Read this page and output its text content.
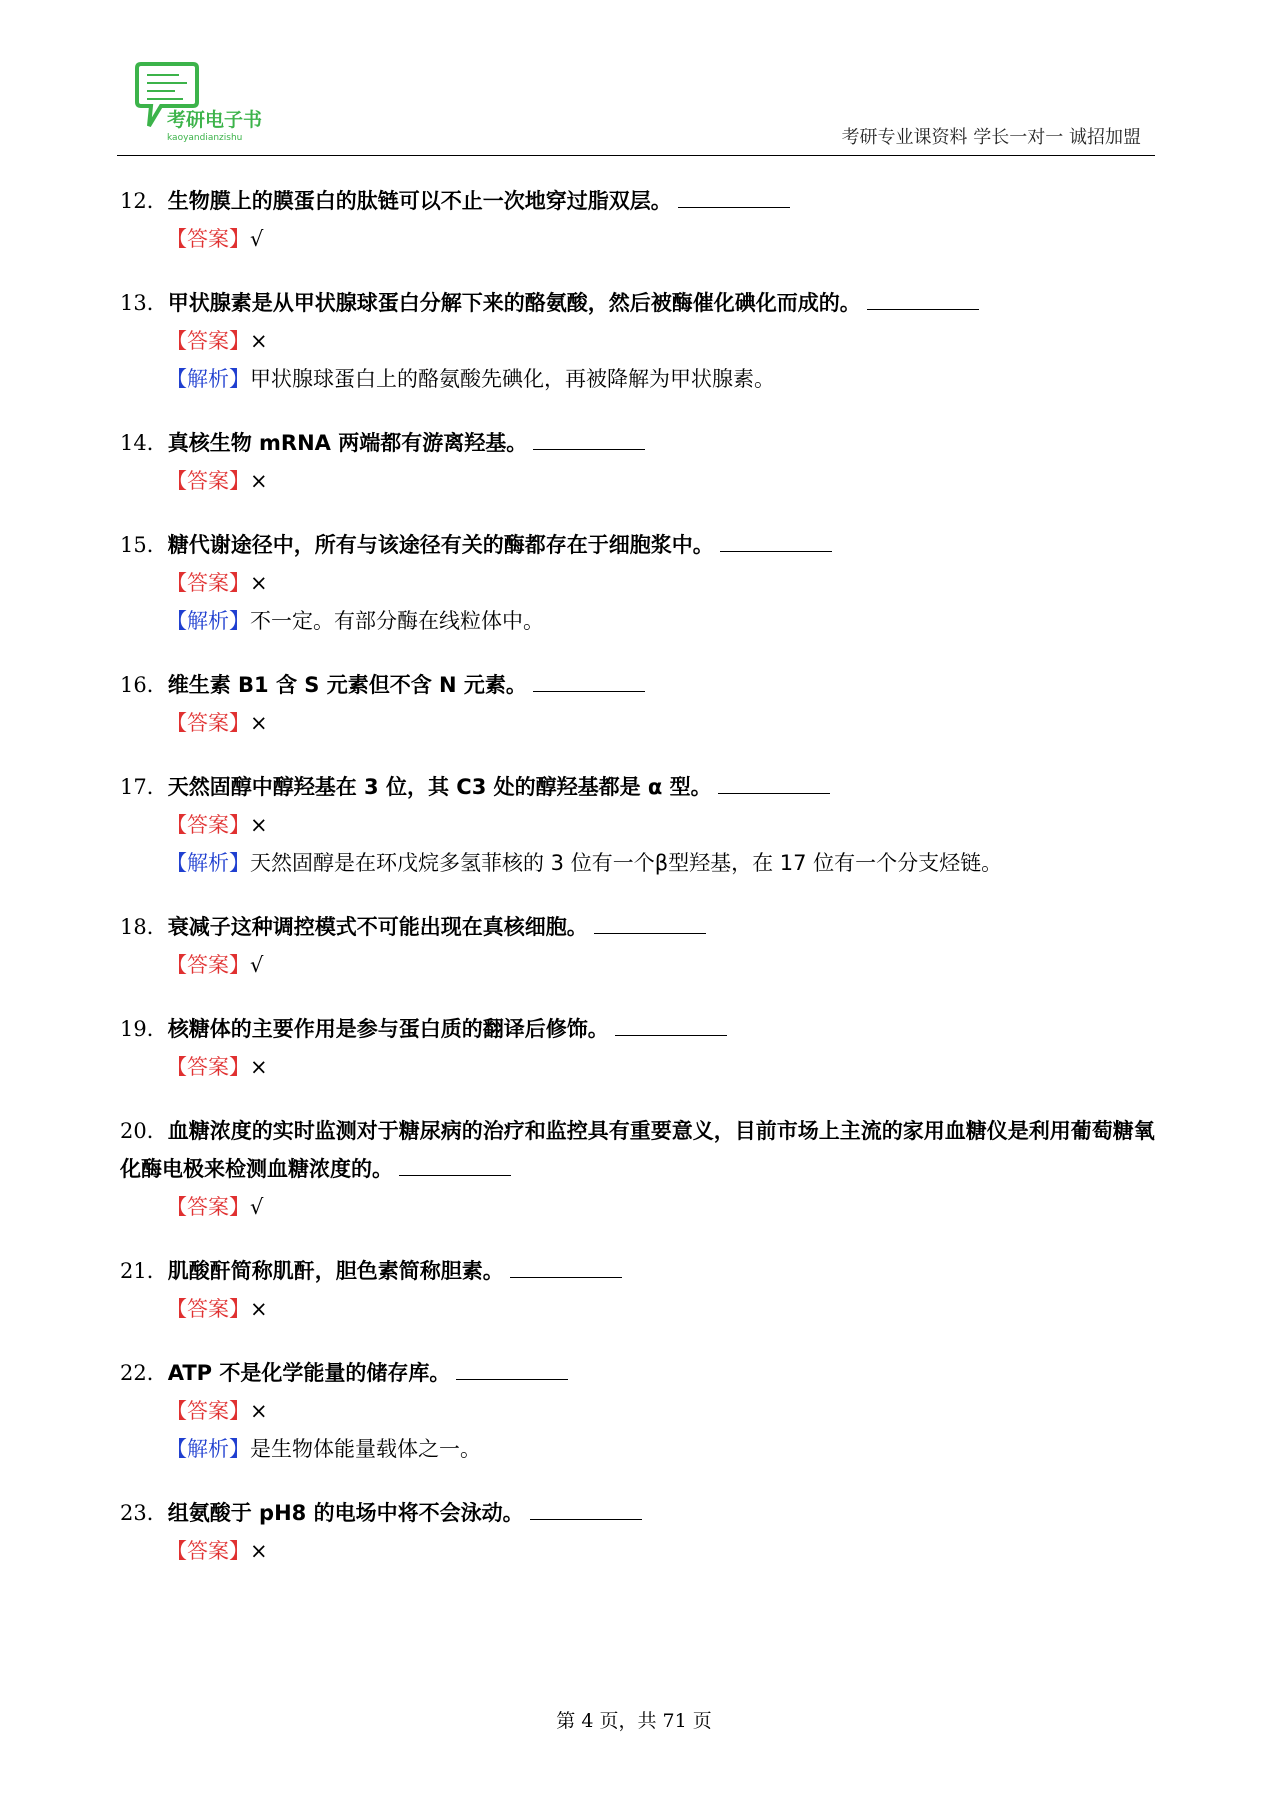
考研电子书
kaoyandianzishu	考研专业课资料 学长一对一 诚招加盟
12．生物膜上的膜蛋白的肽链可以不止一次地穿过脂双层。
【答案】√
13．甲状腺素是从甲状腺球蛋白分解下来的酪氨酸，然后被酶催化碘化而成的。
【答案】×
【解析】甲状腺球蛋白上的酪氨酸先碘化，再被降解为甲状腺素。
14．真核生物 mRNA 两端都有游离羟基。
【答案】×
15．糖代谢途径中，所有与该途径有关的酶都存在于细胞浆中。
【答案】×
【解析】不一定。有部分酶在线粒体中。
16．维生素 B1 含 S 元素但不含 N 元素。
【答案】×
17．天然固醇中醇羟基在 3 位，其 C3 处的醇羟基都是 α 型。
【答案】×
【解析】天然固醇是在环戊烷多氢菲核的 3 位有一个β型羟基，在 17 位有一个分支烃链。
18．衰减子这种调控模式不可能出现在真核细胞。
【答案】√
19．核糖体的主要作用是参与蛋白质的翻译后修饰。
【答案】×
20．血糖浓度的实时监测对于糖尿病的治疗和监控具有重要意义，目前市场上主流的家用血糖仪是利用葡萄糖氧化酶电极来检测血糖浓度的。
【答案】√
21．肌酸酐简称肌酐，胆色素简称胆素。
【答案】×
22．ATP 不是化学能量的储存库。
【答案】×
【解析】是生物体能量载体之一。
23．组氨酸于 pH8 的电场中将不会泳动。
【答案】×
第 4 页，共 71 页
